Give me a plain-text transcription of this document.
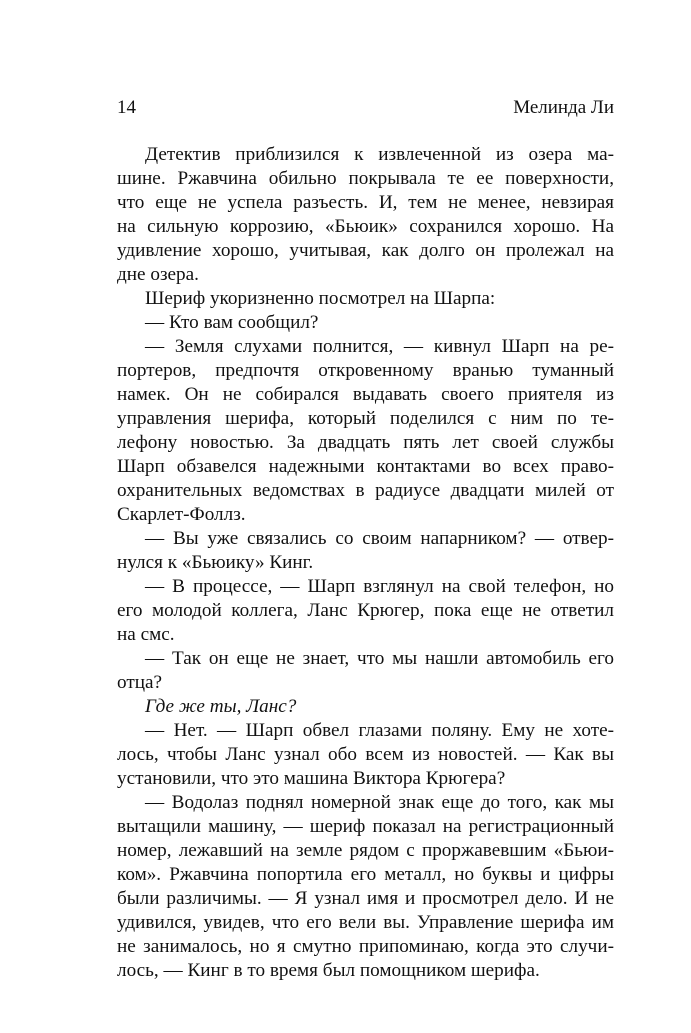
14	Мелинда Ли
Детектив приблизился к извлеченной из озера ма-
шине. Ржавчина обильно покрывала те ее поверхности,
что еще не успела разъесть. И, тем не менее, невзирая
на сильную коррозию, «Бьюик» сохранился хорошо. На
удивление хорошо, учитывая, как долго он пролежал на
дне озера.
Шериф укоризненно посмотрел на Шарпа:
— Кто вам сообщил?
— Земля слухами полнится, — кивнул Шарп на ре-
портеров, предпочтя откровенному вранью туманный
намек. Он не собирался выдавать своего приятеля из
управления шерифа, который поделился с ним по те-
лефону новостью. За двадцать пять лет своей службы
Шарп обзавелся надежными контактами во всех право-
охранительных ведомствах в радиусе двадцати милей от
Скарлет-Фоллз.
— Вы уже связались со своим напарником? — отвер-
нулся к «Бьюику» Кинг.
— В процессе, — Шарп взглянул на свой телефон, но
его молодой коллега, Ланс Крюгер, пока еще не ответил
на смс.
— Так он еще не знает, что мы нашли автомобиль его
отца?
Где же ты, Ланс?
— Нет. — Шарп обвел глазами поляну. Ему не хоте-
лось, чтобы Ланс узнал обо всем из новостей. — Как вы
установили, что это машина Виктора Крюгера?
— Водолаз поднял номерной знак еще до того, как мы
вытащили машину, — шериф показал на регистрационный
номер, лежавший на земле рядом с проржавевшим «Бьюи-
ком». Ржавчина попортила его металл, но буквы и цифры
были различимы. — Я узнал имя и просмотрел дело. И не
удивился, увидев, что его вели вы. Управление шерифа им
не занималось, но я смутно припоминаю, когда это случи-
лось, — Кинг в то время был помощником шерифа.
